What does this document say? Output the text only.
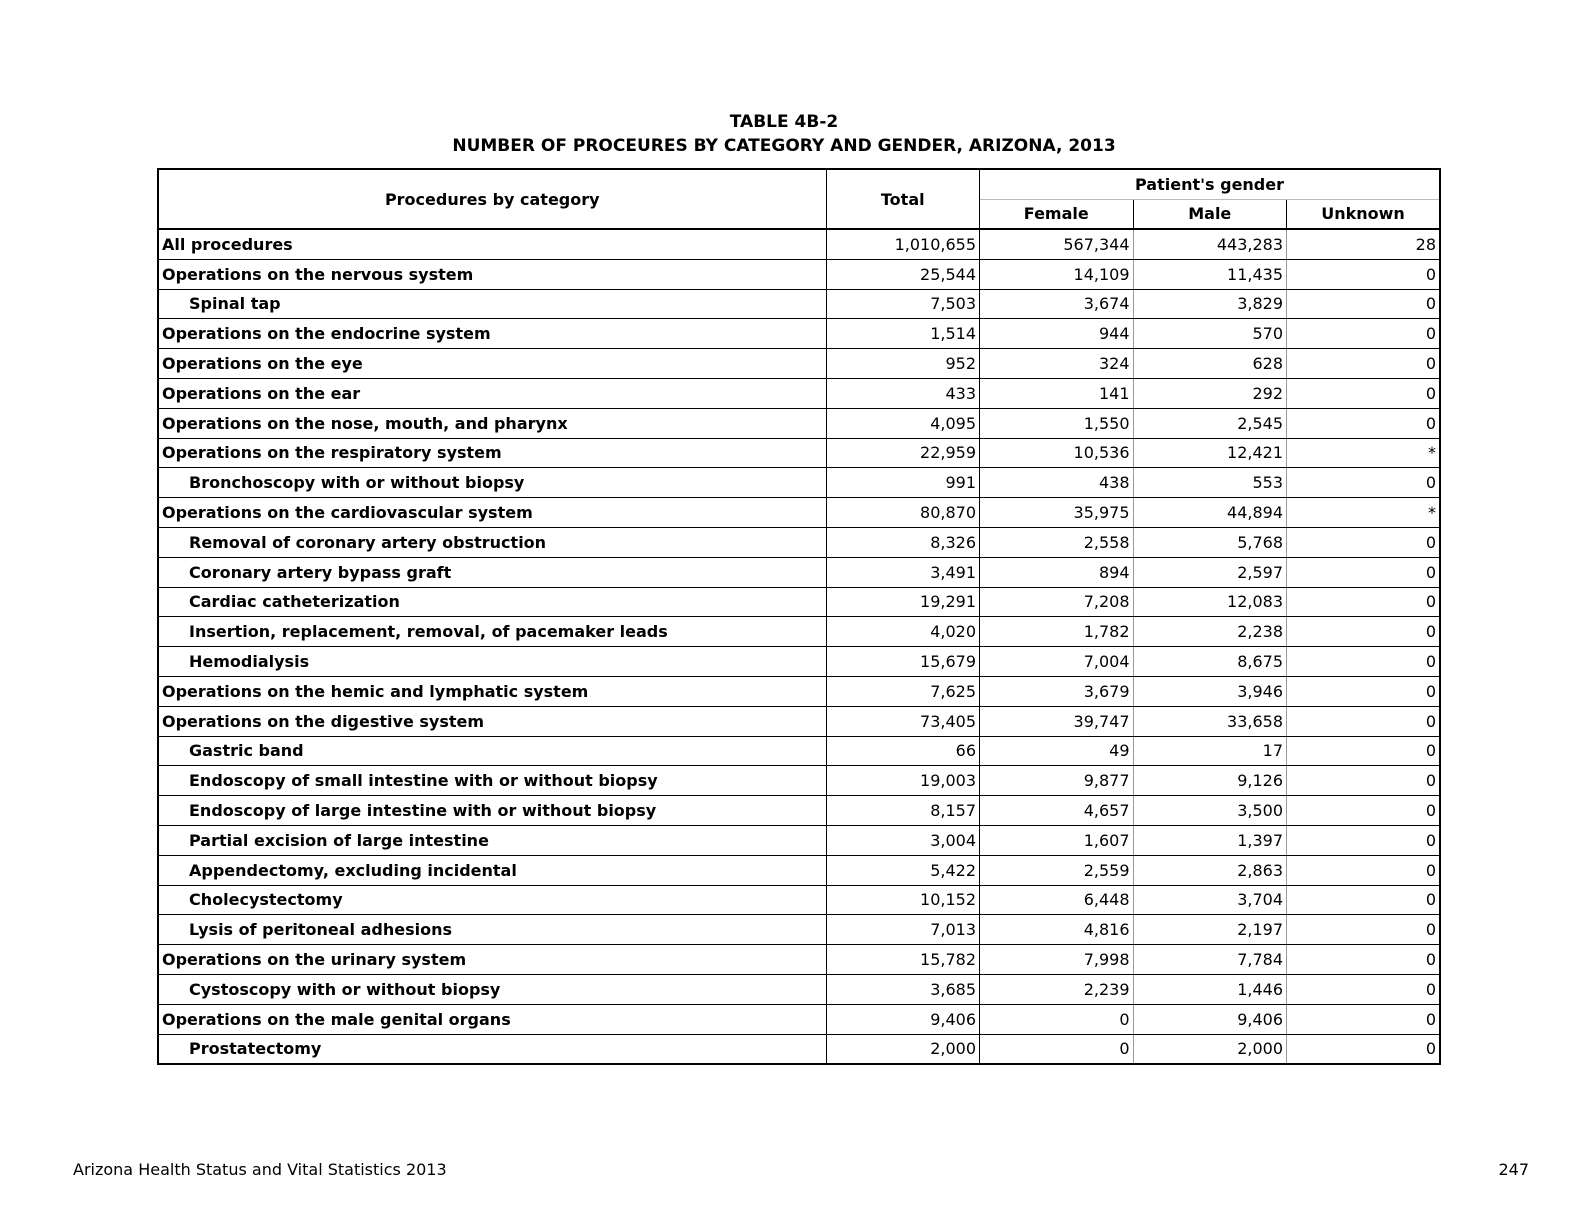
TABLE 4B-2
NUMBER OF PROCEURES BY CATEGORY AND GENDER, ARIZONA, 2013
Procedures by category	Total	Patient's gender		
		Female	Male	Unknown
All procedures	1,010,655	567,344	443,283	28
Operations on the nervous system	25,544	14,109	11,435	0
Spinal tap	7,503	3,674	3,829	0
Operations on the endocrine system	1,514	944	570	0
Operations on the eye	952	324	628	0
Operations on the ear	433	141	292	0
Operations on the nose, mouth, and pharynx	4,095	1,550	2,545	0
Operations on the respiratory system	22,959	10,536	12,421	*
Bronchoscopy with or without biopsy	991	438	553	0
Operations on the cardiovascular system	80,870	35,975	44,894	*
Removal of coronary artery obstruction	8,326	2,558	5,768	0
Coronary artery bypass graft	3,491	894	2,597	0
Cardiac catheterization	19,291	7,208	12,083	0
Insertion, replacement, removal, of pacemaker leads	4,020	1,782	2,238	0
Hemodialysis	15,679	7,004	8,675	0
Operations on the hemic and lymphatic system	7,625	3,679	3,946	0
Operations on the digestive system	73,405	39,747	33,658	0
Gastric band	66	49	17	0
Endoscopy of small intestine with or without biopsy	19,003	9,877	9,126	0
Endoscopy of large intestine with or without biopsy	8,157	4,657	3,500	0
Partial excision of large intestine	3,004	1,607	1,397	0
Appendectomy, excluding incidental	5,422	2,559	2,863	0
Cholecystectomy	10,152	6,448	3,704	0
Lysis of peritoneal adhesions	7,013	4,816	2,197	0
Operations on the urinary system	15,782	7,998	7,784	0
Cystoscopy with or without biopsy	3,685	2,239	1,446	0
Operations on the male genital organs	9,406	0	9,406	0
Prostatectomy	2,000	0	2,000	0
Arizona Health Status and Vital Statistics 2013	247
